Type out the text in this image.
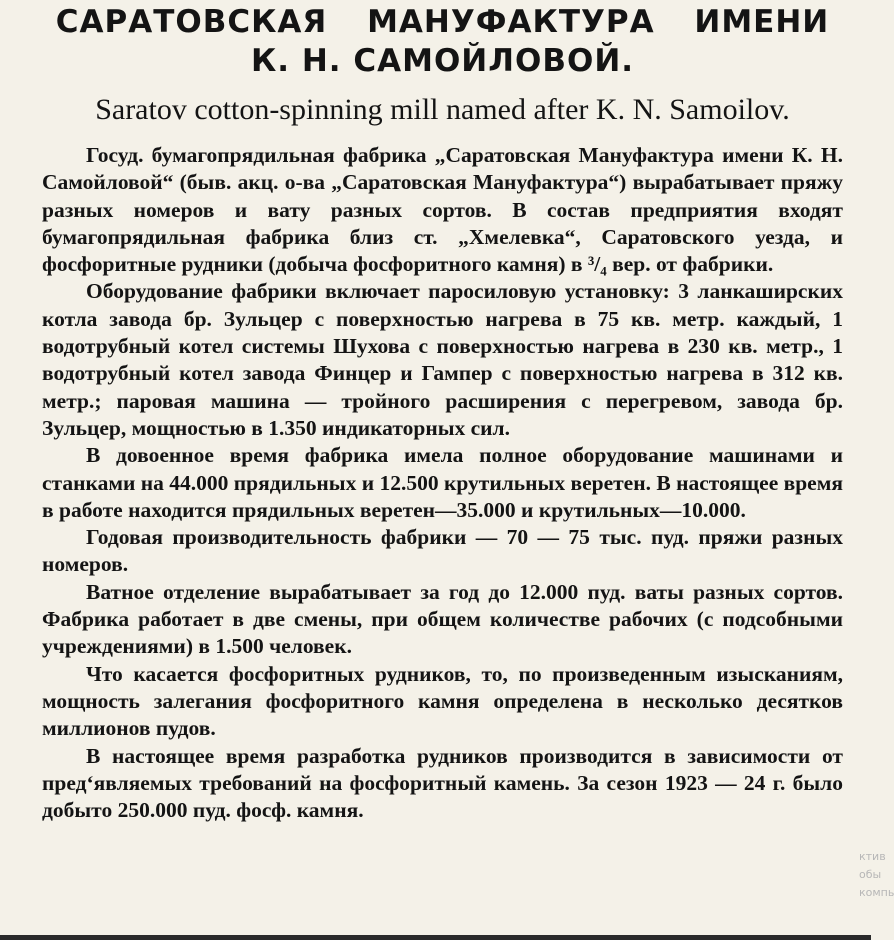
САРАТОВСКАЯ МАНУФАКТУРА ИМЕНИ
К. Н. САМОЙЛОВОЙ.
Saratov cotton-spinning mill named after K. N. Samoilov.

Госуд. бумагопрядильная фабрика „Саратовская Мануфактура имени К. Н. Самойловой“ (быв. акц. о-ва „Саратовская Мануфактура“) вырабатывает пряжу разных номеров и вату разных сортов. В состав предприятия входят бумагопрядильная фабрика близ ст. „Хмелевка“, Саратовского уезда, и фосфоритные рудники (добыча фосфоритного камня) в ³/₄ вер. от фабрики.

Оборудование фабрики включает паросиловую установку: 3 ланкаширских котла завода бр. Зульцер с поверхностью нагрева в 75 кв. метр. каждый, 1 водотрубный котел системы Шухова с поверхностью нагрева в 230 кв. метр., 1 водотрубный котел завода Финцер и Гампер с поверхностью нагрева в 312 кв. метр.; паровая машина — тройного расширения с перегревом, завода бр. Зульцер, мощностью в 1.350 индикаторных сил.

В довоенное время фабрика имела полное оборудование машинами и станками на 44.000 прядильных и 12.500 крутильных веретен. В настоящее время в работе находится прядильных веретен—35.000 и крутильных—10.000.

Годовая производительность фабрики — 70 — 75 тыс. пуд. пряжи разных номеров.

Ватное отделение вырабатывает за год до 12.000 пуд. ваты разных сортов. Фабрика работает в две смены, при общем количестве рабочих (с подсобными учреждениями) в 1.500 человек.

Что касается фосфоритных рудников, то, по произведенным изысканиям, мощность залегания фосфоритного камня определена в несколько десятков миллионов пудов.

В настоящее время разработка рудников производится в зависимости от пред‘являемых требований на фосфоритный камень. За сезон 1923 — 24 г. было добыто 250.000 пуд. фосф. камня.

ктив
обы
компь
